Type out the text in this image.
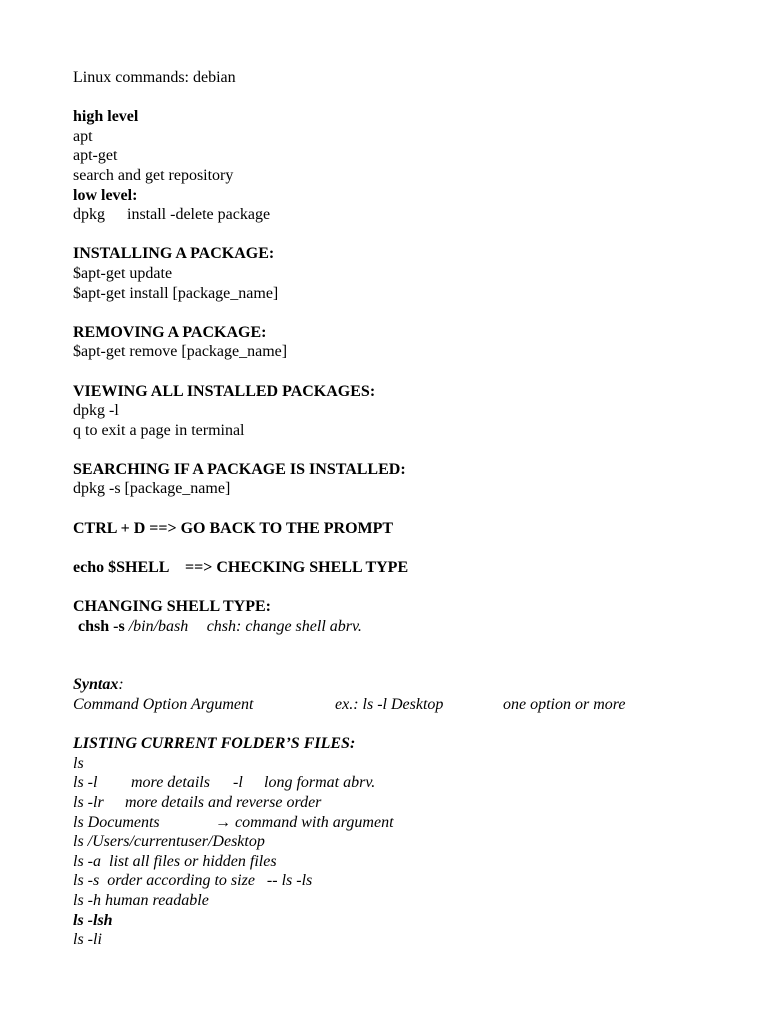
Linux commands: debian
high level
apt
apt-get
search and get repository
low level:
dpkg install -delete package
INSTALLING A PACKAGE:
$apt-get update
$apt-get install [package_name]
REMOVING A PACKAGE:
$apt-get remove [package_name]
VIEWING ALL INSTALLED PACKAGES:
dpkg -l
q to exit a page in terminal
SEARCHING IF A PACKAGE IS INSTALLED:
dpkg -s [package_name]
CTRL + D ==> GO BACK TO THE PROMPT
echo $SHELL ==> CHECKING SHELL TYPE
CHANGING SHELL TYPE:
chsh -s /bin/bash chsh: change shell abrv.
Syntax:
Command Option Argument	ex.: ls -l Desktop	one option or more
LISTING CURRENT FOLDER’S FILES:
ls
ls -l more details -l long format abrv.
ls -lr more details and reverse order
ls Documents	→ command with argument
ls /Users/currentuser/Desktop
ls -a  list all files or hidden files
ls -s  order according to size   -- ls -ls
ls -h human readable
ls -lsh
ls -li
